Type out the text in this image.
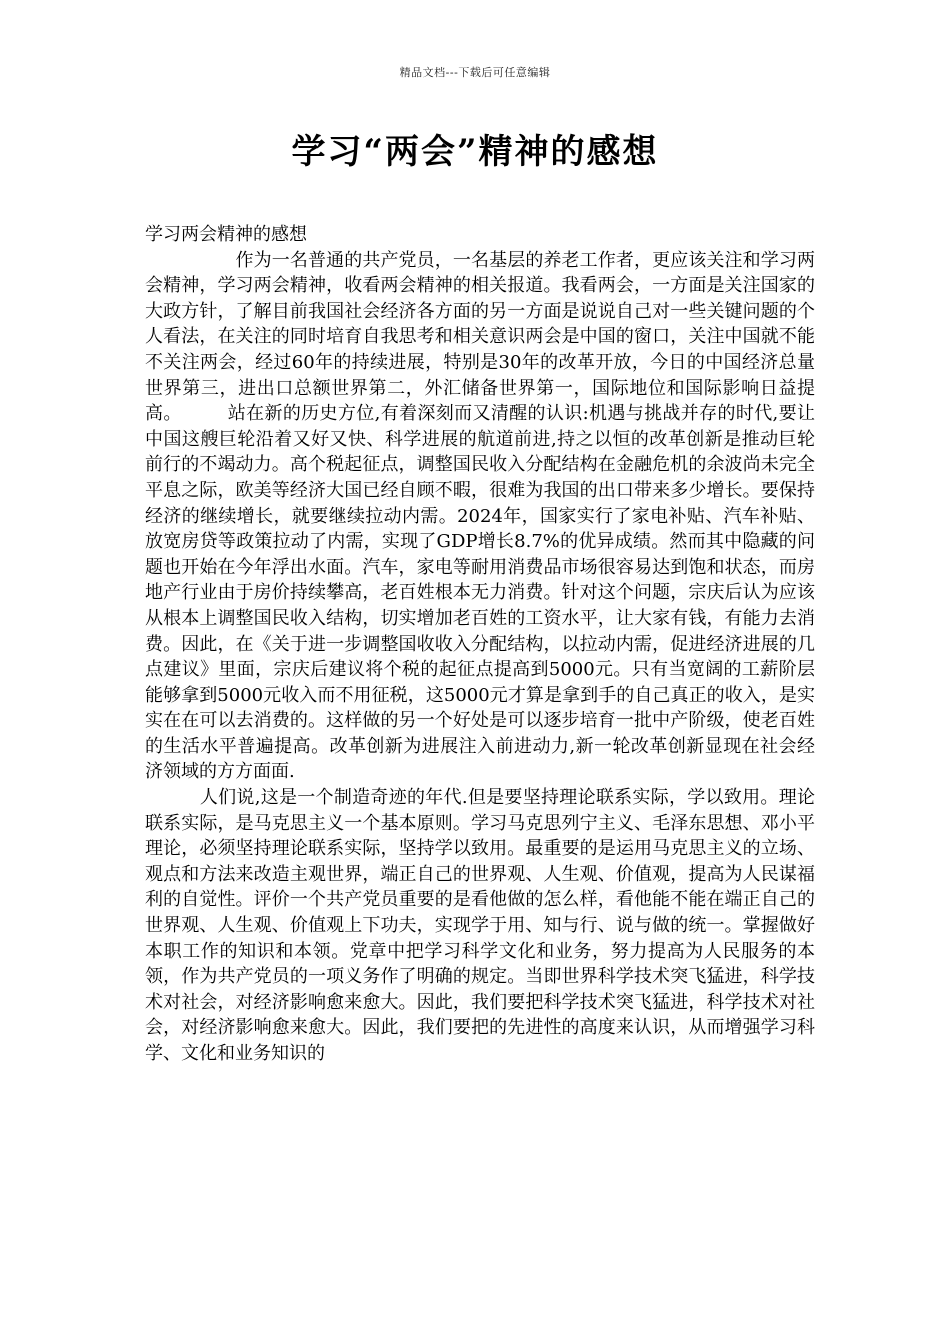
精品文档---下载后可任意编辑
学习“两会”精神的感想

学习两会精神的感想

　　　　　作为一名普通的共产党员，一名基层的养老工作者，更应该关注和学习两会精神，学习两会精神，收看两会精神的相关报道。我看两会，一方面是关注国家的大政方针，了解目前我国社会经济各方面的另一方面是说说自己对一些关键问题的个人看法，在关注的同时培育自我思考和相关意识两会是中国的窗口，关注中国就不能不关注两会，经过60年的持续进展，特别是30年的改革开放，今日的中国经济总量世界第三，进出口总额世界第二，外汇储备世界第一，国际地位和国际影响日益提高。　　　站在新的历史方位,有着深刻而又清醒的认识:机遇与挑战并存的时代,要让中国这艘巨轮沿着又好又快、科学进展的航道前进,持之以恒的改革创新是推动巨轮前行的不竭动力。高个税起征点，调整国民收入分配结构在金融危机的余波尚未完全平息之际，欧美等经济大国已经自顾不暇，很难为我国的出口带来多少增长。要保持经济的继续增长，就要继续拉动内需。2024年，国家实行了家电补贴、汽车补贴、放宽房贷等政策拉动了内需，实现了GDP增长8.7%的优异成绩。然而其中隐藏的问题也开始在今年浮出水面。汽车，家电等耐用消费品市场很容易达到饱和状态，而房地产行业由于房价持续攀高，老百姓根本无力消费。针对这个问题，宗庆后认为应该从根本上调整国民收入结构，切实增加老百姓的工资水平，让大家有钱，有能力去消费。因此，在《关于进一步调整国收收入分配结构，以拉动内需，促进经济进展的几点建议》里面，宗庆后建议将个税的起征点提高到5000元。只有当宽阔的工薪阶层能够拿到5000元收入而不用征税，这5000元才算是拿到手的自己真正的收入，是实实在在可以去消费的。这样做的另一个好处是可以逐步培育一批中产阶级，使老百姓的生活水平普遍提高。改革创新为进展注入前进动力,新一轮改革创新显现在社会经济领域的方方面面.

　　　人们说,这是一个制造奇迹的年代.但是要坚持理论联系实际，学以致用。理论联系实际，是马克思主义一个基本原则。学习马克思列宁主义、毛泽东思想、邓小平理论，必须坚持理论联系实际，坚持学以致用。最重要的是运用马克思主义的立场、观点和方法来改造主观世界，端正自己的世界观、人生观、价值观，提高为人民谋福利的自觉性。评价一个共产党员重要的是看他做的怎么样，看他能不能在端正自己的世界观、人生观、价值观上下功夫，实现学于用、知与行、说与做的统一。掌握做好本职工作的知识和本领。党章中把学习科学文化和业务，努力提高为人民服务的本领，作为共产党员的一项义务作了明确的规定。当即世界科学技术突飞猛进，科学技术对社会，对经济影响愈来愈大。因此，我们要把科学技术突飞猛进，科学技术对社会，对经济影响愈来愈大。因此，我们要把的先进性的高度来认识，从而增强学习科学、文化和业务知识的
